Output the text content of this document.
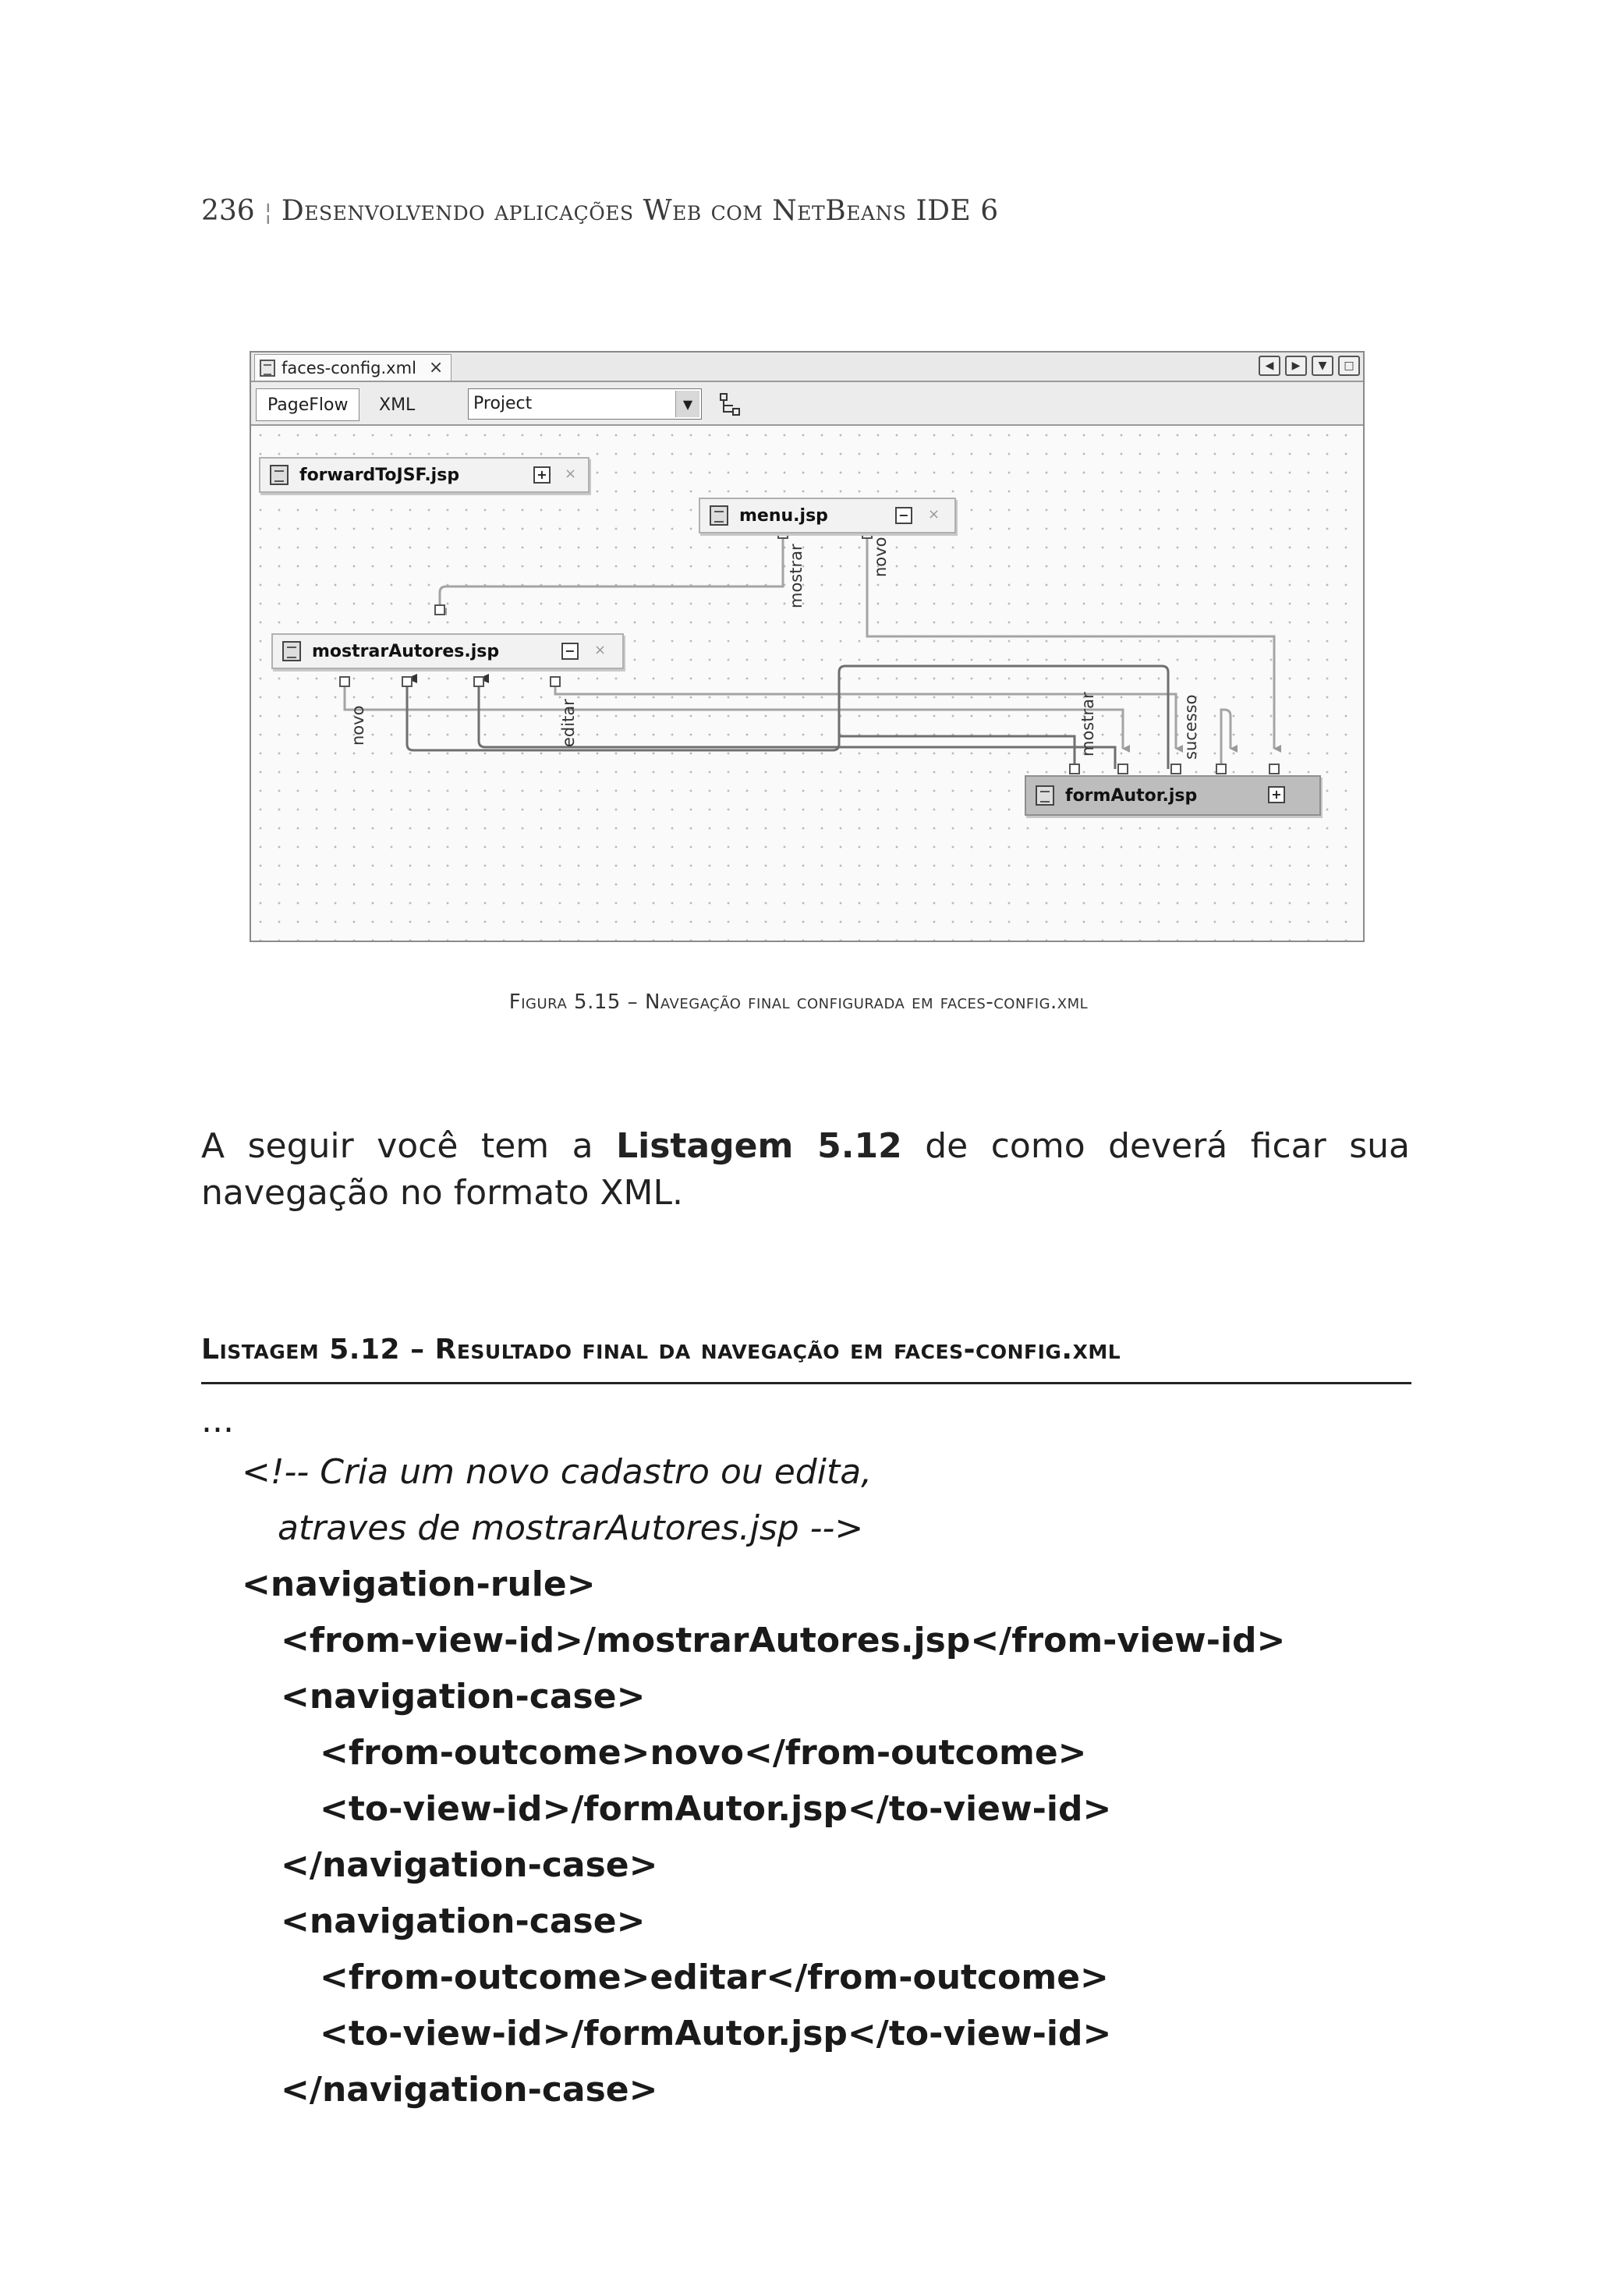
236 ¦ Desenvolvendo aplicações Web com NetBeans IDE 6
faces-config.xml ×	◀	▶	▼	□
PageFlow	XML	Project	▼
mostrar	novo
novo	editar	mostrar	sucesso
forwardToJSF.jsp	+ ×
menu.jsp	− ×
mostrarAutores.jsp	− ×
formAutor.jsp	+
Figura 5.15 – Navegação final configurada em faces-config.xml
A seguir você tem a Listagem 5.12 de como deverá ficar sua navegação no formato XML.
Listagem 5.12 – Resultado final da navegação em faces-config.xml
...
<!-- Cria um novo cadastro ou edita,
atraves de mostrarAutores.jsp -->
<navigation-rule>
<from-view-id>/mostrarAutores.jsp</from-view-id>
<navigation-case>
<from-outcome>novo</from-outcome>
<to-view-id>/formAutor.jsp</to-view-id>
</navigation-case>
<navigation-case>
<from-outcome>editar</from-outcome>
<to-view-id>/formAutor.jsp</to-view-id>
</navigation-case>
